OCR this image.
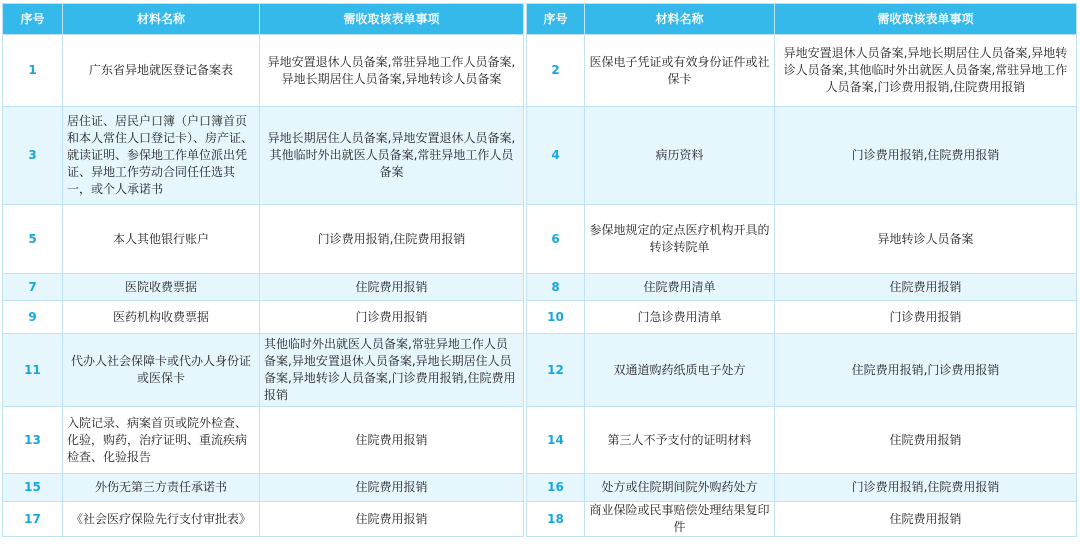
序号	材料名称	需收取该表单事项
1	广东省异地就医登记备案表	异地安置退休人员备案,常驻异地工作人员备案,异地长期居住人员备案,异地转诊人员备案
3	居住证、居民户口簿（户口簿首页和本人常住人口登记卡）、房产证、就读证明、参保地工作单位派出凭证、异地工作劳动合同任任选其一，或个人承诺书	异地长期居住人员备案,异地安置退休人员备案,其他临时外出就医人员备案,常驻异地工作人员备案
5	本人其他银行账户	门诊费用报销,住院费用报销
7	医院收费票据	住院费用报销
9	医药机构收费票据	门诊费用报销
11	代办人社会保障卡或代办人身份证或医保卡	其他临时外出就医人员备案,常驻异地工作人员备案,异地安置退休人员备案,异地长期居住人员备案,异地转诊人员备案,门诊费用报销,住院费用报销
13	入院记录、病案首页或院外检查、化验，购药，治疗证明、重流疾病检查、化验报告	住院费用报销
15	外伤无第三方责任承诺书	住院费用报销
17	《社会医疗保险先行支付审批表》	住院费用报销
序号	材料名称	需收取该表单事项
2	医保电子凭证或有效身份证件或社保卡	异地安置退休人员备案,异地长期居住人员备案,异地转诊人员备案,其他临时外出就医人员备案,常驻异地工作人员备案,门诊费用报销,住院费用报销
4	病历资料	门诊费用报销,住院费用报销
6	参保地规定的定点医疗机构开具的转诊转院单	异地转诊人员备案
8	住院费用清单	住院费用报销
10	门急诊费用清单	门诊费用报销
12	双通道购药纸质电子处方	住院费用报销,门诊费用报销
14	第三人不予支付的证明材料	住院费用报销
16	处方或住院期间院外购药处方	门诊费用报销,住院费用报销
18	商业保险或民事赔偿处理结果复印件	住院费用报销
